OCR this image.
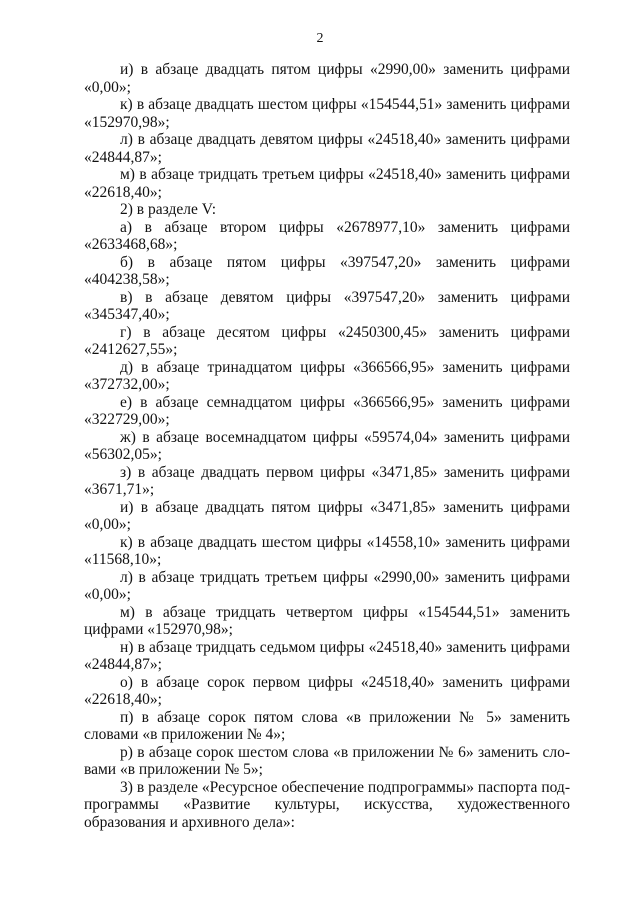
2

и) в абзаце двадцать пятом цифры «2990,00» заменить цифрами «0,00»;

к) в абзаце двадцать шестом цифры «154544,51» заменить цифрами «152970,98»;

л) в абзаце двадцать девятом цифры «24518,40» заменить цифрами «24844,87»;

м) в абзаце тридцать третьем цифры «24518,40» заменить цифрами «22618,40»;

2) в разделе V:

а) в абзаце втором цифры «2678977,10» заменить цифрами «2633468,68»;

б) в абзаце пятом цифры «397547,20» заменить цифрами «404238,58»;

в) в абзаце девятом цифры «397547,20» заменить цифрами «345347,40»;

г) в абзаце десятом цифры «2450300,45» заменить цифрами «2412627,55»;

д) в абзаце тринадцатом цифры «366566,95» заменить цифрами «372732,00»;

е) в абзаце семнадцатом цифры «366566,95» заменить цифрами «322729,00»;

ж) в абзаце восемнадцатом цифры «59574,04» заменить цифрами «56302,05»;

з) в абзаце двадцать первом цифры «3471,85» заменить цифрами «3671,71»;

и) в абзаце двадцать пятом цифры «3471,85» заменить цифрами «0,00»;

к) в абзаце двадцать шестом цифры «14558,10» заменить цифрами «11568,10»;

л) в абзаце тридцать третьем цифры «2990,00» заменить цифрами «0,00»;

м) в абзаце тридцать четвертом цифры «154544,51» заменить цифрами «152970,98»;

н) в абзаце тридцать седьмом цифры «24518,40» заменить цифрами «24844,87»;

о) в абзаце сорок первом цифры «24518,40» заменить цифрами «22618,40»;

п) в абзаце сорок пятом слова «в приложении № 5» заменить словами «в приложении № 4»;

р) в абзаце сорок шестом слова «в приложении № 6» заменить словами «в приложении № 5»;

3) в разделе «Ресурсное обеспечение подпрограммы» паспорта подпрограммы «Развитие культуры, искусства, художественного образования и архивного дела»:
